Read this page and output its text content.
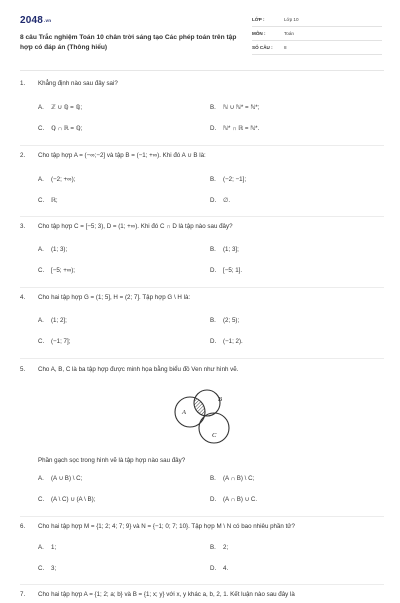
2048.vn
8 câu Trắc nghiệm Toán 10 chân trời sáng tạo Các phép toán trên tập hợp có đáp án (Thông hiểu)
LỚP :	Lớp 10
MÔN :	Toán
SỐ CÂU : 8
1. Khẳng định nào sau đây sai?
A. ℤ ∪ ℚ = ℚ;	B. ℕ ∪ ℕ* = ℕ*;
C. ℚ ∩ ℝ = ℚ;	D. ℕ* ∩ ℝ = ℕ*.
2. Cho tập hợp A = (−∞;−2] và tập B = (−1; +∞). Khi đó A ∪ B là:
A. (−2; +∞);	B. (−2; −1];
C. ℝ;	D. ∅.
3. Cho tập hợp C = [−5; 3), D = (1; +∞). Khi đó C ∩ D là tập nào sau đây?
A. (1; 3);	B. (1; 3];
C. [−5; +∞);	D. [−5; 1].
4. Cho hai tập hợp G = (1; 5], H = (2; 7]. Tập hợp G \ H là:
A. (1; 2];	B. (2; 5);
C. (−1; 7];	D. (−1; 2).
5. Cho A, B, C là ba tập hợp được minh họa bằng biểu đồ Ven như hình vẽ.
Phần gạch sọc trong hình vẽ là tập hợp nào sau đây?
A. (A ∪ B) \ C;	B. (A ∩ B) \ C;
C. (A \ C) ∪ (A \ B);	D. (A ∩ B) ∪ C.
A
B
C
6. Cho hai tập hợp M = {1; 2; 4; 7; 9} và N = {−1; 0; 7; 10}. Tập hợp M \ N có bao nhiêu phần tử?
A. 1;	B. 2;
C. 3;	D. 4.
7. Cho hai tập hợp A = {1; 2; a; b} và B = {1; x; y} với x, y khác a, b, 2, 1. Kết luận nào sau đây là
